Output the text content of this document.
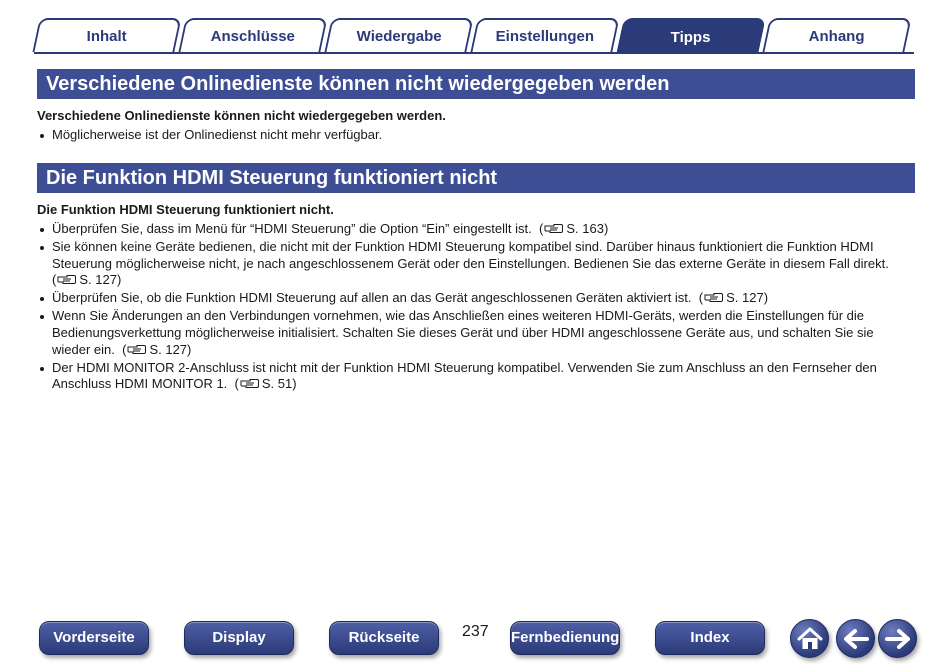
Inhalt	Anschlüsse	Wiedergabe	Einstellungen	Tipps	Anhang
Verschiedene Onlinedienste können nicht wiedergegeben werden
Verschiedene Onlinedienste können nicht wiedergegeben werden.
Möglicherweise ist der Onlinedienst nicht mehr verfügbar.
Die Funktion HDMI Steuerung funktioniert nicht
Die Funktion HDMI Steuerung funktioniert nicht.
Überprüfen Sie, dass im Menü für “HDMI Steuerung” die Option “Ein” eingestellt ist.  ( S. 163)
Sie können keine Geräte bedienen, die nicht mit der Funktion HDMI Steuerung kompatibel sind. Darüber hinaus funktioniert die Funktion HDMI Steuerung möglicherweise nicht, je nach angeschlossenem Gerät oder den Einstellungen. Bedienen Sie das externe Geräte in diesem Fall direkt.
( S. 127)
Überprüfen Sie, ob die Funktion HDMI Steuerung auf allen an das Gerät angeschlossenen Geräten aktiviert ist.  ( S. 127)
Wenn Sie Änderungen an den Verbindungen vornehmen, wie das Anschließen eines weiteren HDMI-Geräts, werden die Einstellungen für die Bedienungsverkettung möglicherweise initialisiert. Schalten Sie dieses Gerät und über HDMI angeschlossene Geräte aus, und schalten Sie sie wieder ein.  ( S. 127)
Der HDMI MONITOR 2-Anschluss ist nicht mit der Funktion HDMI Steuerung kompatibel. Verwenden Sie zum Anschluss an den Fernseher den Anschluss HDMI MONITOR 1.  ( S. 51)
Vorderseite	Display	Rückseite	237 Fernbedienung	Index
